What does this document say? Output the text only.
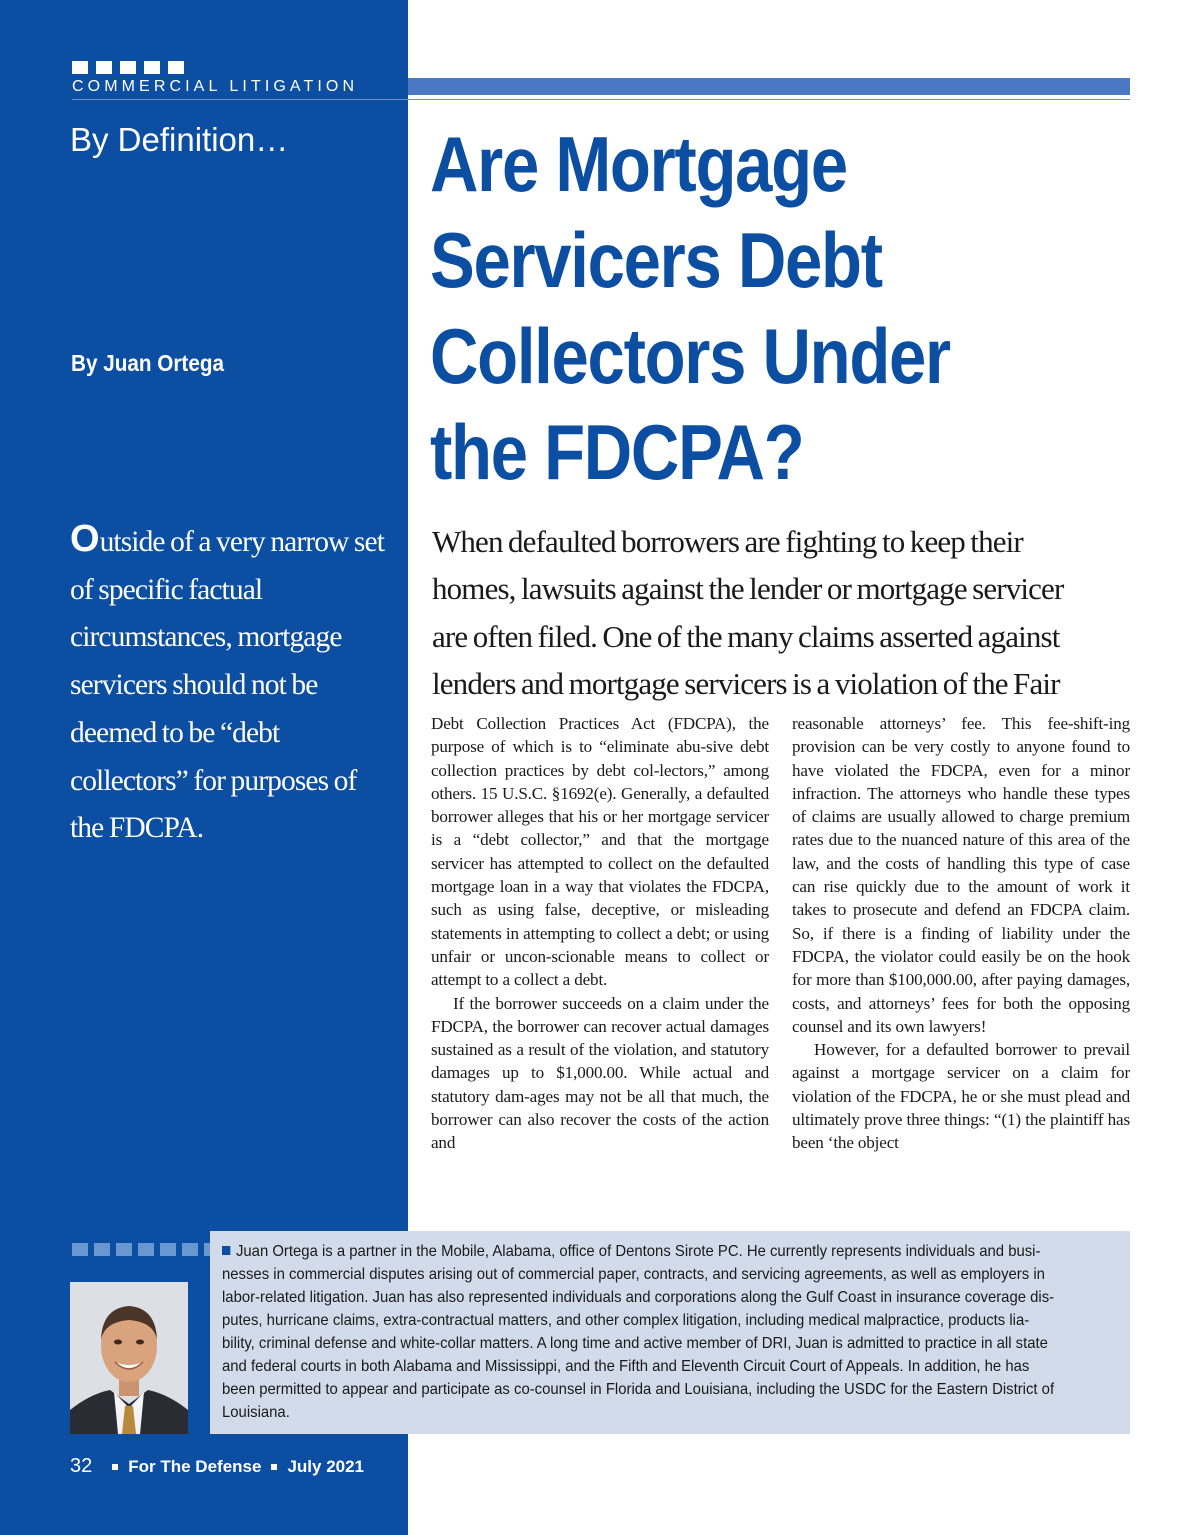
COMMERCIAL LITIGATION
By Definition…
By Juan Ortega
Outside of a very narrow set of specific factual circumstances, mortgage servicers should not be deemed to be “debt collectors” for purposes of the FDCPA.
Are Mortgage
Servicers Debt
Collectors Under
the FDCPA?
When defaulted borrowers are fighting to keep their
homes, lawsuits against the lender or mortgage servicer
are often filed. One of the many claims asserted against
lenders and mortgage servicers is a violation of the Fair

Debt Collection Practices Act (FDCPA), the purpose of which is to “eliminate abu-sive debt collection practices by debt col-lectors,” among others. 15 U.S.C. §1692(e). Generally, a defaulted borrower alleges that his or her mortgage servicer is a “debt collector,” and that the mortgage servicer has attempted to collect on the defaulted mortgage loan in a way that violates the FDCPA, such as using false, deceptive, or misleading statements in attempting to collect a debt; or using unfair or uncon-scionable means to collect or attempt to a collect a debt.

If the borrower succeeds on a claim under the FDCPA, the borrower can recover actual damages sustained as a result of the violation, and statutory damages up to $1,000.00. While actual and statutory dam-ages may not be all that much, the borrower can also recover the costs of the action and

reasonable attorneys’ fee. This fee-shift-ing provision can be very costly to anyone found to have violated the FDCPA, even for a minor infraction. The attorneys who handle these types of claims are usually allowed to charge premium rates due to the nuanced nature of this area of the law, and the costs of handling this type of case can rise quickly due to the amount of work it takes to prosecute and defend an FDCPA claim. So, if there is a finding of liability under the FDCPA, the violator could easily be on the hook for more than $100,000.00, after paying damages, costs, and attorneys’ fees for both the opposing counsel and its own lawyers!

However, for a defaulted borrower to prevail against a mortgage servicer on a claim for violation of the FDCPA, he or she must plead and ultimately prove three things: “(1) the plaintiff has been ‘the object

Juan Ortega is a partner in the Mobile, Alabama, office of Dentons Sirote PC. He currently represents individuals and busi-
nesses in commercial disputes arising out of commercial paper, contracts, and servicing agreements, as well as employers in
labor-related litigation. Juan has also represented individuals and corporations along the Gulf Coast in insurance coverage dis-
putes, hurricane claims, extra-contractual matters, and other complex litigation, including medical malpractice, products lia-
bility, criminal defense and white-collar matters. A long time and active member of DRI, Juan is admitted to practice in all state
and federal courts in both Alabama and Mississippi, and the Fifth and Eleventh Circuit Court of Appeals. In addition, he has
been permitted to appear and participate as co-counsel in Florida and Louisiana, including the USDC for the Eastern District of
Louisiana.
32 For The Defense July 2021
